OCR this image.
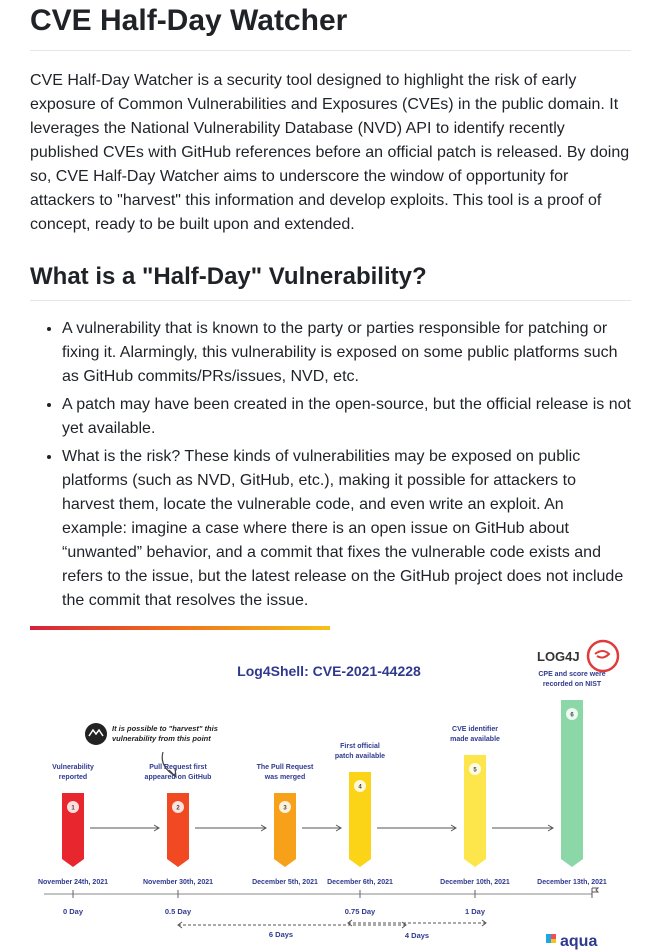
CVE Half-Day Watcher

CVE Half-Day Watcher is a security tool designed to highlight the risk of early exposure of Common Vulnerabilities and Exposures (CVEs) in the public domain. It leverages the National Vulnerability Database (NVD) API to identify recently published CVEs with GitHub references before an official patch is released. By doing so, CVE Half-Day Watcher aims to underscore the window of opportunity for attackers to "harvest" this information and develop exploits. This tool is a proof of concept, ready to be built upon and extended.

What is a "Half-Day" Vulnerability?
• A vulnerability that is known to the party or parties responsible for patching or fixing it. Alarmingly, this vulnerability is exposed on some public platforms such as GitHub commits/PRs/issues, NVD, etc.
• A patch may have been created in the open-source, but the official release is not yet available.
• What is the risk? These kinds of vulnerabilities may be exposed on public platforms (such as NVD, GitHub, etc.), making it possible for attackers to harvest them, locate the vulnerable code, and even write an exploit. An example: imagine a case where there is an open issue on GitHub about “unwanted” behavior, and a commit that fixes the vulnerable code exists and refers to the issue, but the latest release on the GitHub project does not include the commit that resolves the issue.
Log4Shell: CVE-2021-44228
LOG4J
It is possible to "harvest" this
vulnerability from this point
Vulnerability
reported
1
November 24th, 2021
Pull Request first
appeared on GitHub
2
November 30th, 2021
The Pull Request
was merged
3
December 5th, 2021
First official
patch available
4
December 6th, 2021
CVE identifier
made available
5
December 10th, 2021
CPE and score were
recorded on NIST
6
December 13th, 2021
0 Day	0.5 Day	0.75 Day	1 Day
6 Days	4 Days	aqua
